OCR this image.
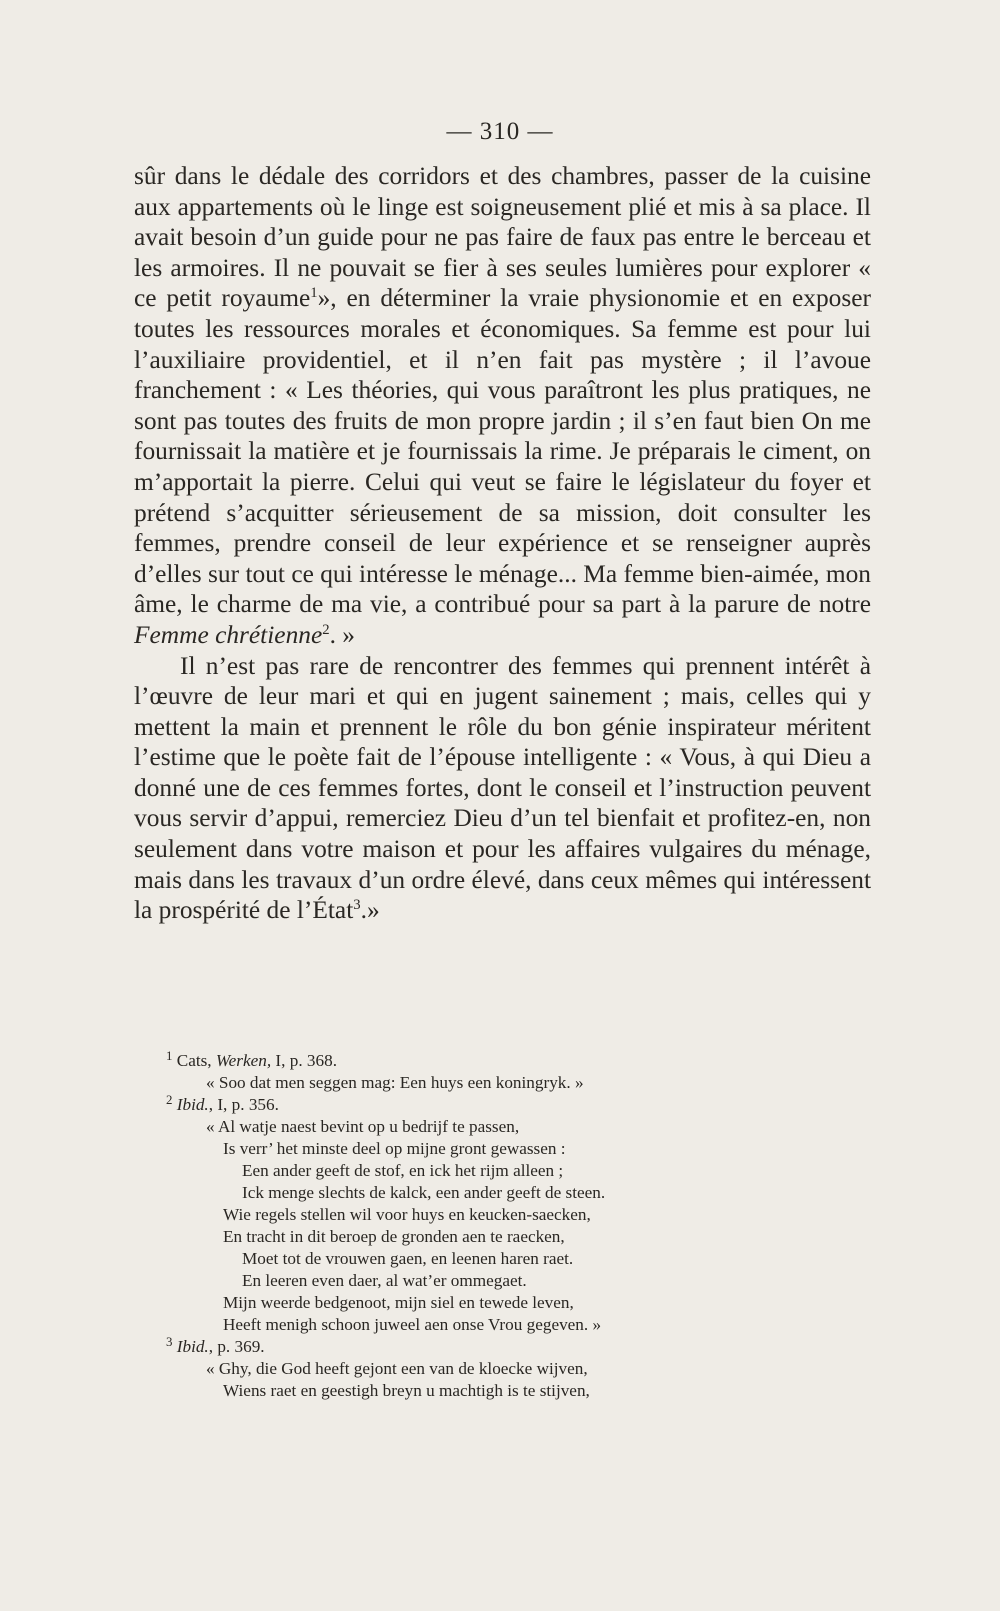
— 310 —

sûr dans le dédale des corridors et des chambres, passer de la cuisine aux appartements où le linge est soigneusement plié et mis à sa place. Il avait besoin d’un guide pour ne pas faire de faux pas entre le berceau et les armoires. Il ne pouvait se fier à ses seules lumières pour explorer « ce petit royaume$^1$», en déterminer la vraie physionomie et en exposer toutes les ressources morales et économiques. Sa femme est pour lui l’auxiliaire providentiel, et il n’en fait pas mystère ; il l’avoue franchement : « Les théories, qui vous paraîtront les plus pratiques, ne sont pas toutes des fruits de mon propre jardin ; il s’en faut bien On me fournissait la matière et je fournissais la rime. Je préparais le ciment, on m’apportait la pierre. Celui qui veut se faire le législateur du foyer et prétend s’acquitter sérieusement de sa mission, doit consulter les femmes, prendre conseil de leur expérience et se renseigner auprès d’elles sur tout ce qui intéresse le ménage... Ma femme bien-aimée, mon âme, le charme de ma vie, a contribué pour sa part à la parure de notre Femme chrétienne$^2$. »

Il n’est pas rare de rencontrer des femmes qui prennent intérêt à l’œuvre de leur mari et qui en jugent sainement ; mais, celles qui y mettent la main et prennent le rôle du bon génie inspirateur méritent l’estime que le poète fait de l’épouse intelligente : « Vous, à qui Dieu a donné une de ces femmes fortes, dont le conseil et l’instruction peuvent vous servir d’appui, remerciez Dieu d’un tel bienfait et profitez-en, non seulement dans votre maison et pour les affaires vulgaires du ménage, mais dans les travaux d’un ordre élevé, dans ceux mêmes qui intéressent la prospérité de l’État$^3$.»

$^1$ Cats, Werken, I, p. 368.

« Soo dat men seggen mag: Een huys een koningryk. »

$^2$ Ibid., I, p. 356.

« Al watje naest bevint op u bedrijf te passen,

Is verr’ het minste deel op mijne gront gewassen :

Een ander geeft de stof, en ick het rijm alleen ;

Ick menge slechts de kalck, een ander geeft de steen.

Wie regels stellen wil voor huys en keucken-saecken,

En tracht in dit beroep de gronden aen te raecken,

Moet tot de vrouwen gaen, en leenen haren raet.

En leeren even daer, al wat’er ommegaet.

Mijn weerde bedgenoot, mijn siel en tewede leven,

Heeft menigh schoon juweel aen onse Vrou gegeven. »

$^3$ Ibid., p. 369.

« Ghy, die God heeft gejont een van de kloecke wijven,

Wiens raet en geestigh breyn u machtigh is te stijven,
